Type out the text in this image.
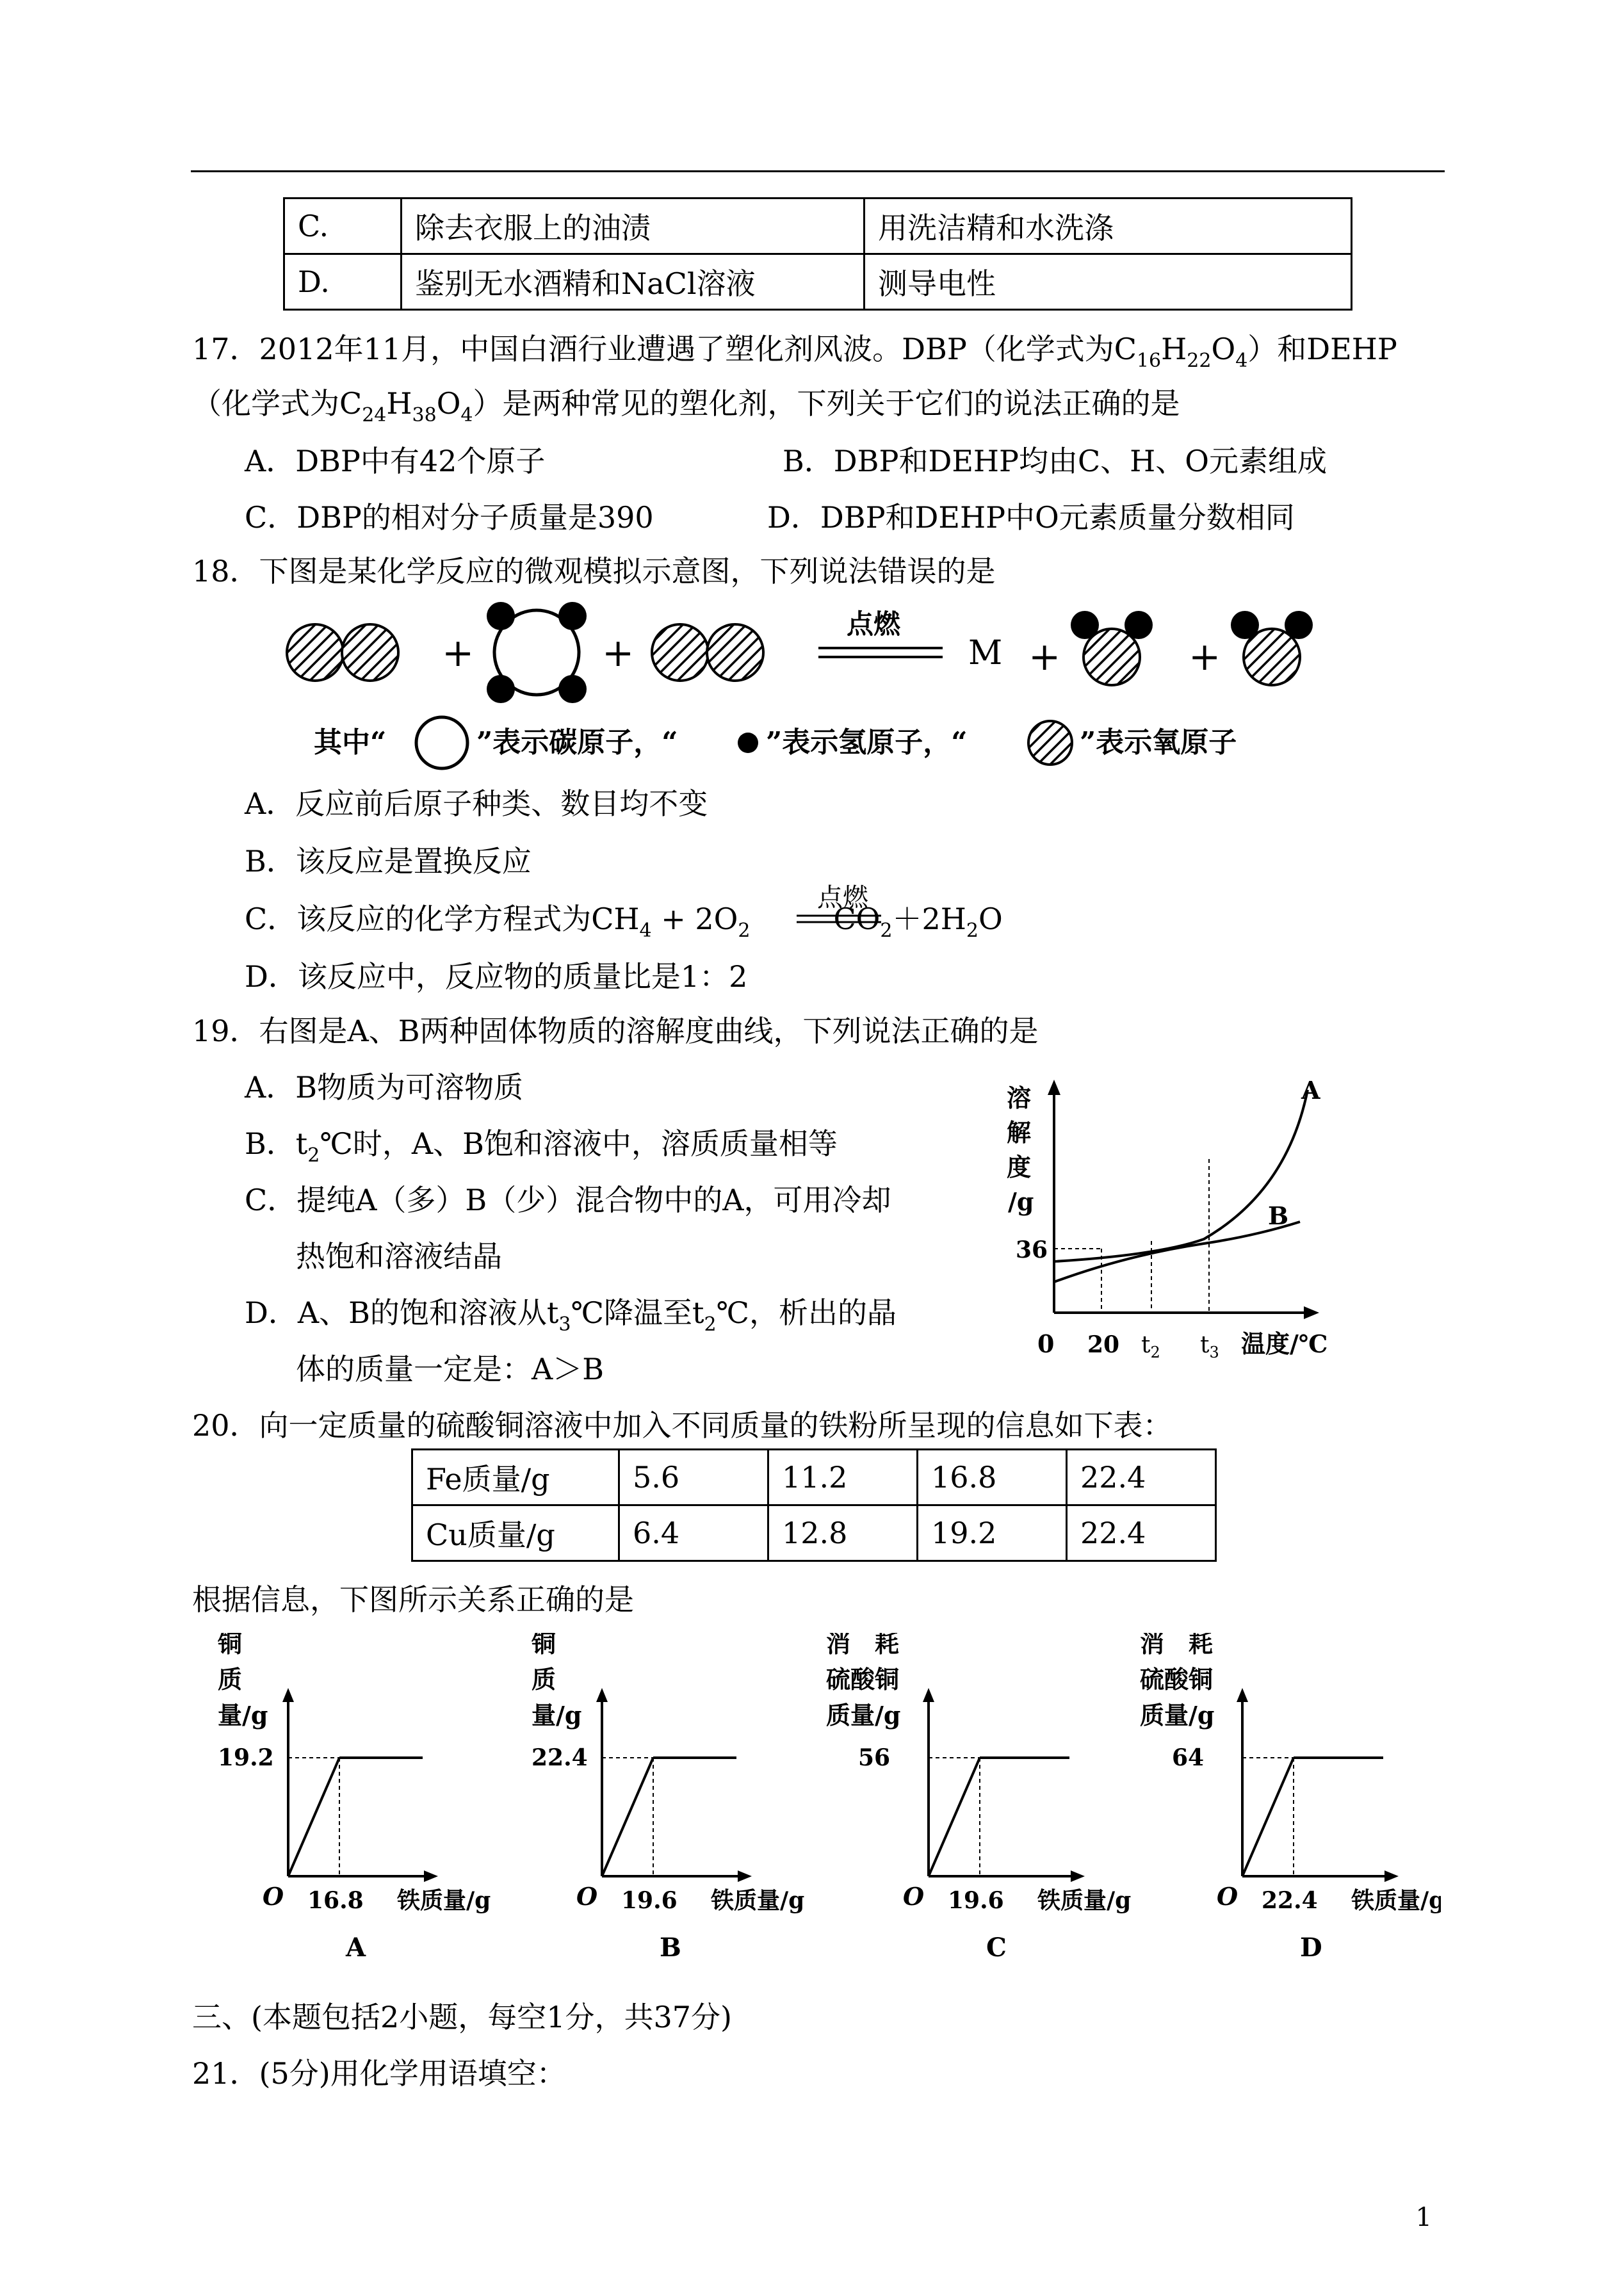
C.	除去衣服上的油渍	用洗洁精和水洗涤
D.	鉴别无水酒精和NaCl溶液	测导电性
17．2012年11月，中国白酒行业遭遇了塑化剂风波。DBP（化学式为$C_{16}H_{22}O_4$）和DEHP
（化学式为$C_{24}H_{38}O_4$）是两种常见的塑化剂，下列关于它们的说法正确的是
A．DBP中有42个原子	B．DBP和DEHP均由C、H、O元素组成
C．DBP的相对分子质量是390	D．DBP和DEHP中O元素质量分数相同
18．下图是某化学反应的微观模拟示意图，下列说法错误的是
+	+	+
+
点燃
M
其中“	”表示碳原子，“	”表示氢原子，“	”表示氧原子
A．反应前后原子种类、数目均不变
B．该反应是置换反应
C．该反应的化学方程式为$CH_4 + 2O_2$	$CO_2+2H_2O$
点燃
D．该反应中，反应物的质量比是1：2
19．右图是A、B两种固体物质的溶解度曲线，下列说法正确的是
A．B物质为可溶物质
B．$t_2℃$时，A、B饱和溶液中，溶质质量相等
C．提纯A（多）B（少）混合物中的A，可用冷却
热饱和溶液结晶
D．A、B的饱和溶液从$t_3℃$降温至$t_2℃$，析出的晶
体的质量一定是：A＞B
溶
解
度
/g
36
A
B
0 20 $t_2$ $t_3$ 温度/℃
20．向一定质量的硫酸铜溶液中加入不同质量的铁粉所呈现的信息如下表：
Fe质量/g	5.6	11.2	16.8	22.4
Cu质量/g	6.4	12.8	19.2	22.4
根据信息，下图所示关系正确的是
铜
质
量/g
19.2
O 16.8 铁质量/g
A
铜
质
量/g
22.4
O 19.6 铁质量/g
B
消　耗
硫酸铜
质量/g
56
O 19.6 铁质量/g
C
消　耗
硫酸铜
质量/g
64
O 22.4 铁质量/g
D
三、(本题包括2小题，每空1分，共37分)
21．(5分)用化学用语填空：
1
